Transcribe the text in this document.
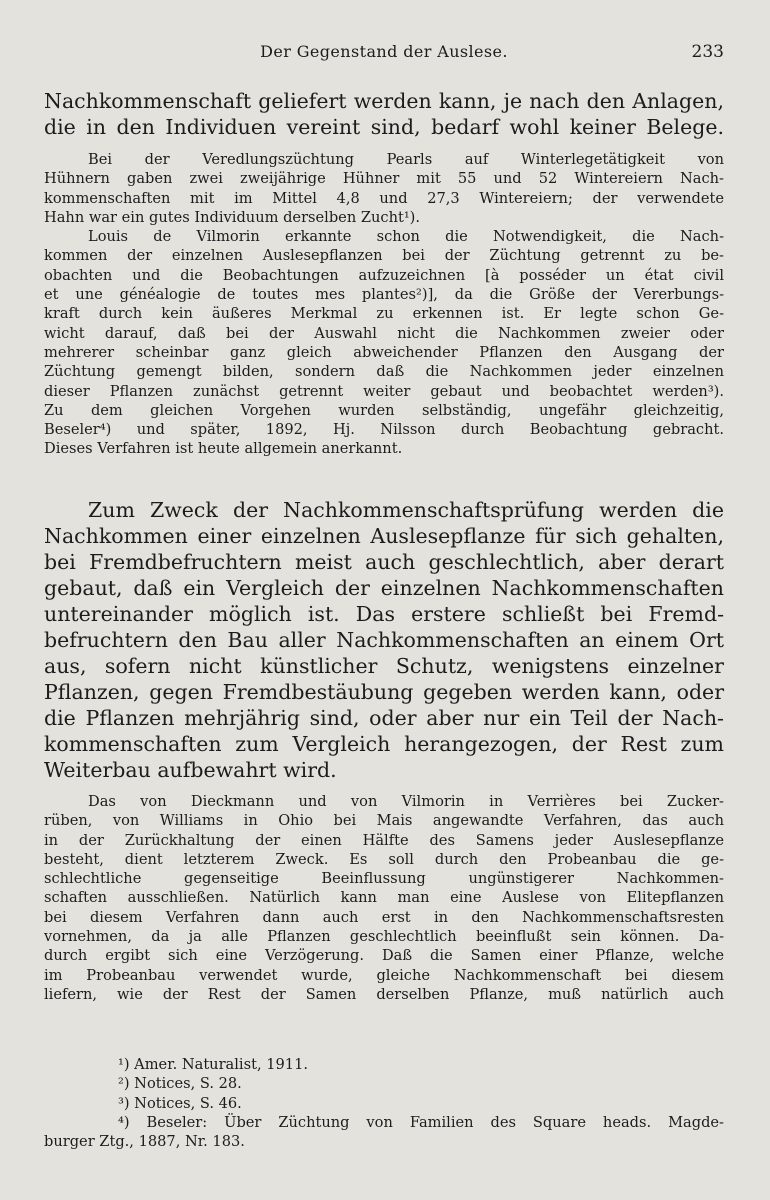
Der Gegenstand der Auslese.	233
Nachkommenschaft geliefert werden kann, je nach den Anlagen,
die in den Individuen vereint sind, bedarf wohl keiner Belege.
Bei der Veredlungszüchtung Pearls auf Winterlegetätigkeit von
Hühnern gaben zwei zweijährige Hühner mit 55 und 52 Wintereiern Nach-
kommenschaften mit im Mittel 4,8 und 27,3 Wintereiern; der verwendete
Hahn war ein gutes Individuum derselben Zucht¹).
Louis de Vilmorin erkannte schon die Notwendigkeit, die Nach-
kommen der einzelnen Auslesepflanzen bei der Züchtung getrennt zu be-
obachten und die Beobachtungen aufzuzeichnen [à posséder un état civil
et une généalogie de toutes mes plantes²)], da die Größe der Vererbungs-
kraft durch kein äußeres Merkmal zu erkennen ist. Er legte schon Ge-
wicht darauf, daß bei der Auswahl nicht die Nachkommen zweier oder
mehrerer scheinbar ganz gleich abweichender Pflanzen den Ausgang der
Züchtung gemengt bilden, sondern daß die Nachkommen jeder einzelnen
dieser Pflanzen zunächst getrennt weiter gebaut und beobachtet werden³).
Zu dem gleichen Vorgehen wurden selbständig, ungefähr gleichzeitig,
Beseler⁴) und später, 1892, Hj. Nilsson durch Beobachtung gebracht.
Dieses Verfahren ist heute allgemein anerkannt.
Zum Zweck der Nachkommenschaftsprüfung werden die
Nachkommen einer einzelnen Auslesepflanze für sich gehalten,
bei Fremdbefruchtern meist auch geschlechtlich, aber derart
gebaut, daß ein Vergleich der einzelnen Nachkommenschaften
untereinander möglich ist. Das erstere schließt bei Fremd-
befruchtern den Bau aller Nachkommenschaften an einem Ort
aus, sofern nicht künstlicher Schutz, wenigstens einzelner
Pflanzen, gegen Fremdbestäubung gegeben werden kann, oder
die Pflanzen mehrjährig sind, oder aber nur ein Teil der Nach-
kommenschaften zum Vergleich herangezogen, der Rest zum
Weiterbau aufbewahrt wird.
Das von Dieckmann und von Vilmorin in Verrières bei Zucker-
rüben, von Williams in Ohio bei Mais angewandte Verfahren, das auch
in der Zurückhaltung der einen Hälfte des Samens jeder Auslesepflanze
besteht, dient letzterem Zweck. Es soll durch den Probeanbau die ge-
schlechtliche gegenseitige Beeinflussung ungünstigerer Nachkommen-
schaften ausschließen. Natürlich kann man eine Auslese von Elitepflanzen
bei diesem Verfahren dann auch erst in den Nachkommenschaftsresten
vornehmen, da ja alle Pflanzen geschlechtlich beeinflußt sein können. Da-
durch ergibt sich eine Verzögerung. Daß die Samen einer Pflanze, welche
im Probeanbau verwendet wurde, gleiche Nachkommenschaft bei diesem
liefern, wie der Rest der Samen derselben Pflanze, muß natürlich auch
¹) Amer. Naturalist, 1911.
²) Notices, S. 28.
³) Notices, S. 46.
⁴) Beseler: Über Züchtung von Familien des Square heads. Magde-
burger Ztg., 1887, Nr. 183.
